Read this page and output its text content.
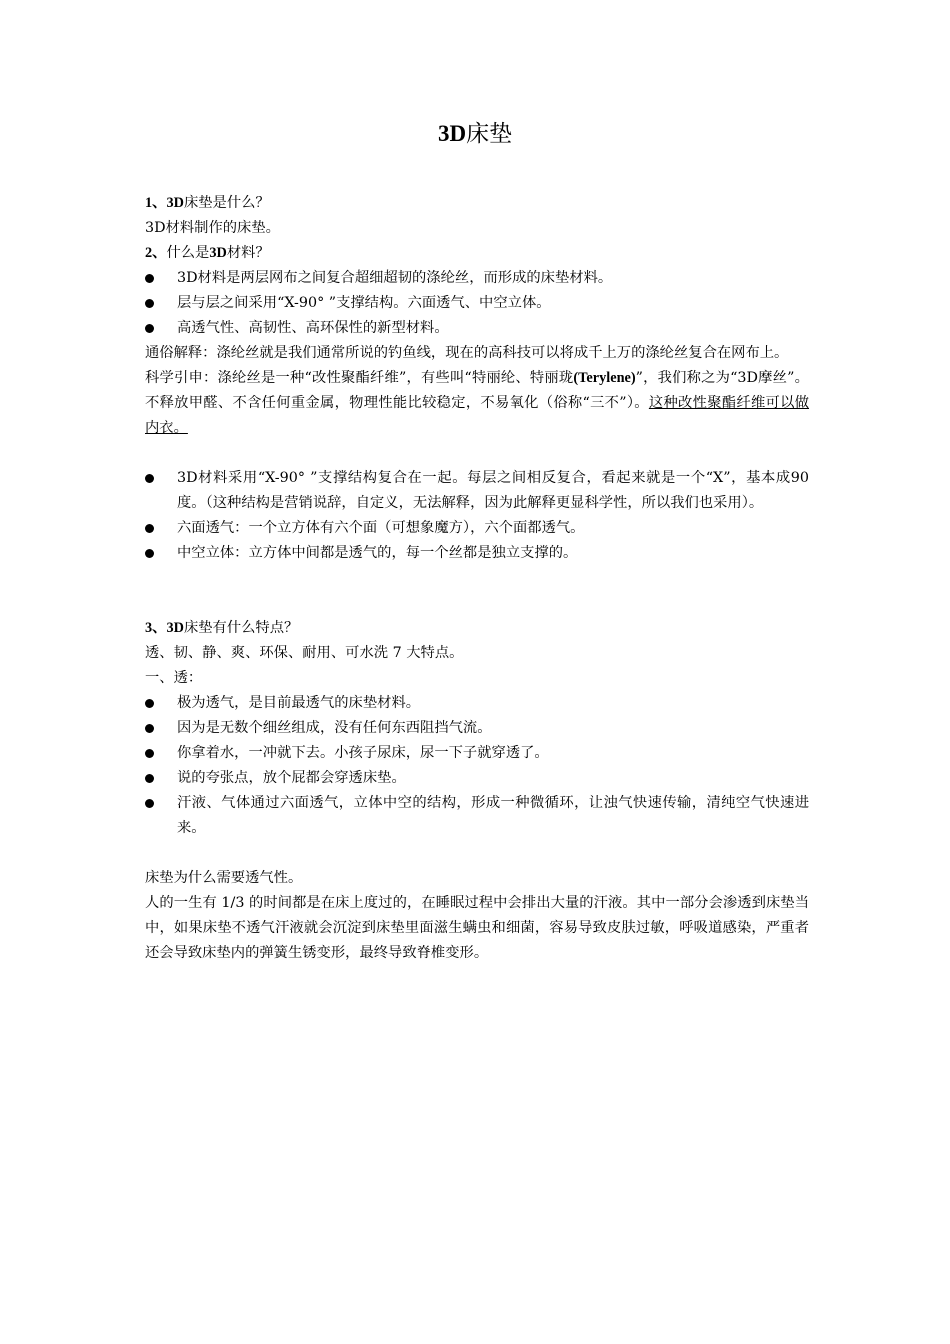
3D床垫

1、3D床垫是什么？

3D材料制作的床垫。

2、什么是3D材料？

3D材料是两层网布之间复合超细超韧的涤纶丝，而形成的床垫材料。

层与层之间采用“X-90° ”支撑结构。六面透气、中空立体。

高透气性、高韧性、高环保性的新型材料。

通俗解释：涤纶丝就是我们通常所说的钓鱼线，现在的高科技可以将成千上万的涤纶丝复合在网布上。

科学引申：涤纶丝是一种“改性聚酯纤维”，有些叫“特丽纶、特丽珑(Terylene)”，我们称之为“3D摩丝”。不释放甲醛、不含任何重金属，物理性能比较稳定，不易氧化（俗称“三不”）。这种改性聚酯纤维可以做内衣。

3D材料采用“X-90° ”支撑结构复合在一起。每层之间相反复合，看起来就是一个“X”，基本成90度。（这种结构是营销说辞，自定义，无法解释，因为此解释更显科学性，所以我们也采用）。

六面透气：一个立方体有六个面（可想象魔方），六个面都透气。

中空立体：立方体中间都是透气的，每一个丝都是独立支撑的。

3、3D床垫有什么特点？

透、韧、静、爽、环保、耐用、可水洗 7 大特点。

一、透：

极为透气，是目前最透气的床垫材料。

因为是无数个细丝组成，没有任何东西阻挡气流。

你拿着水，一冲就下去。小孩子尿床，尿一下子就穿透了。

说的夸张点，放个屁都会穿透床垫。

汗液、气体通过六面透气，立体中空的结构，形成一种微循环，让浊气快速传输，清纯空气快速进来。

床垫为什么需要透气性。

人的一生有 1/3 的时间都是在床上度过的，在睡眠过程中会排出大量的汗液。其中一部分会渗透到床垫当中，如果床垫不透气汗液就会沉淀到床垫里面滋生螨虫和细菌，容易导致皮肤过敏，呼吸道感染，严重者还会导致床垫内的弹簧生锈变形，最终导致脊椎变形。
